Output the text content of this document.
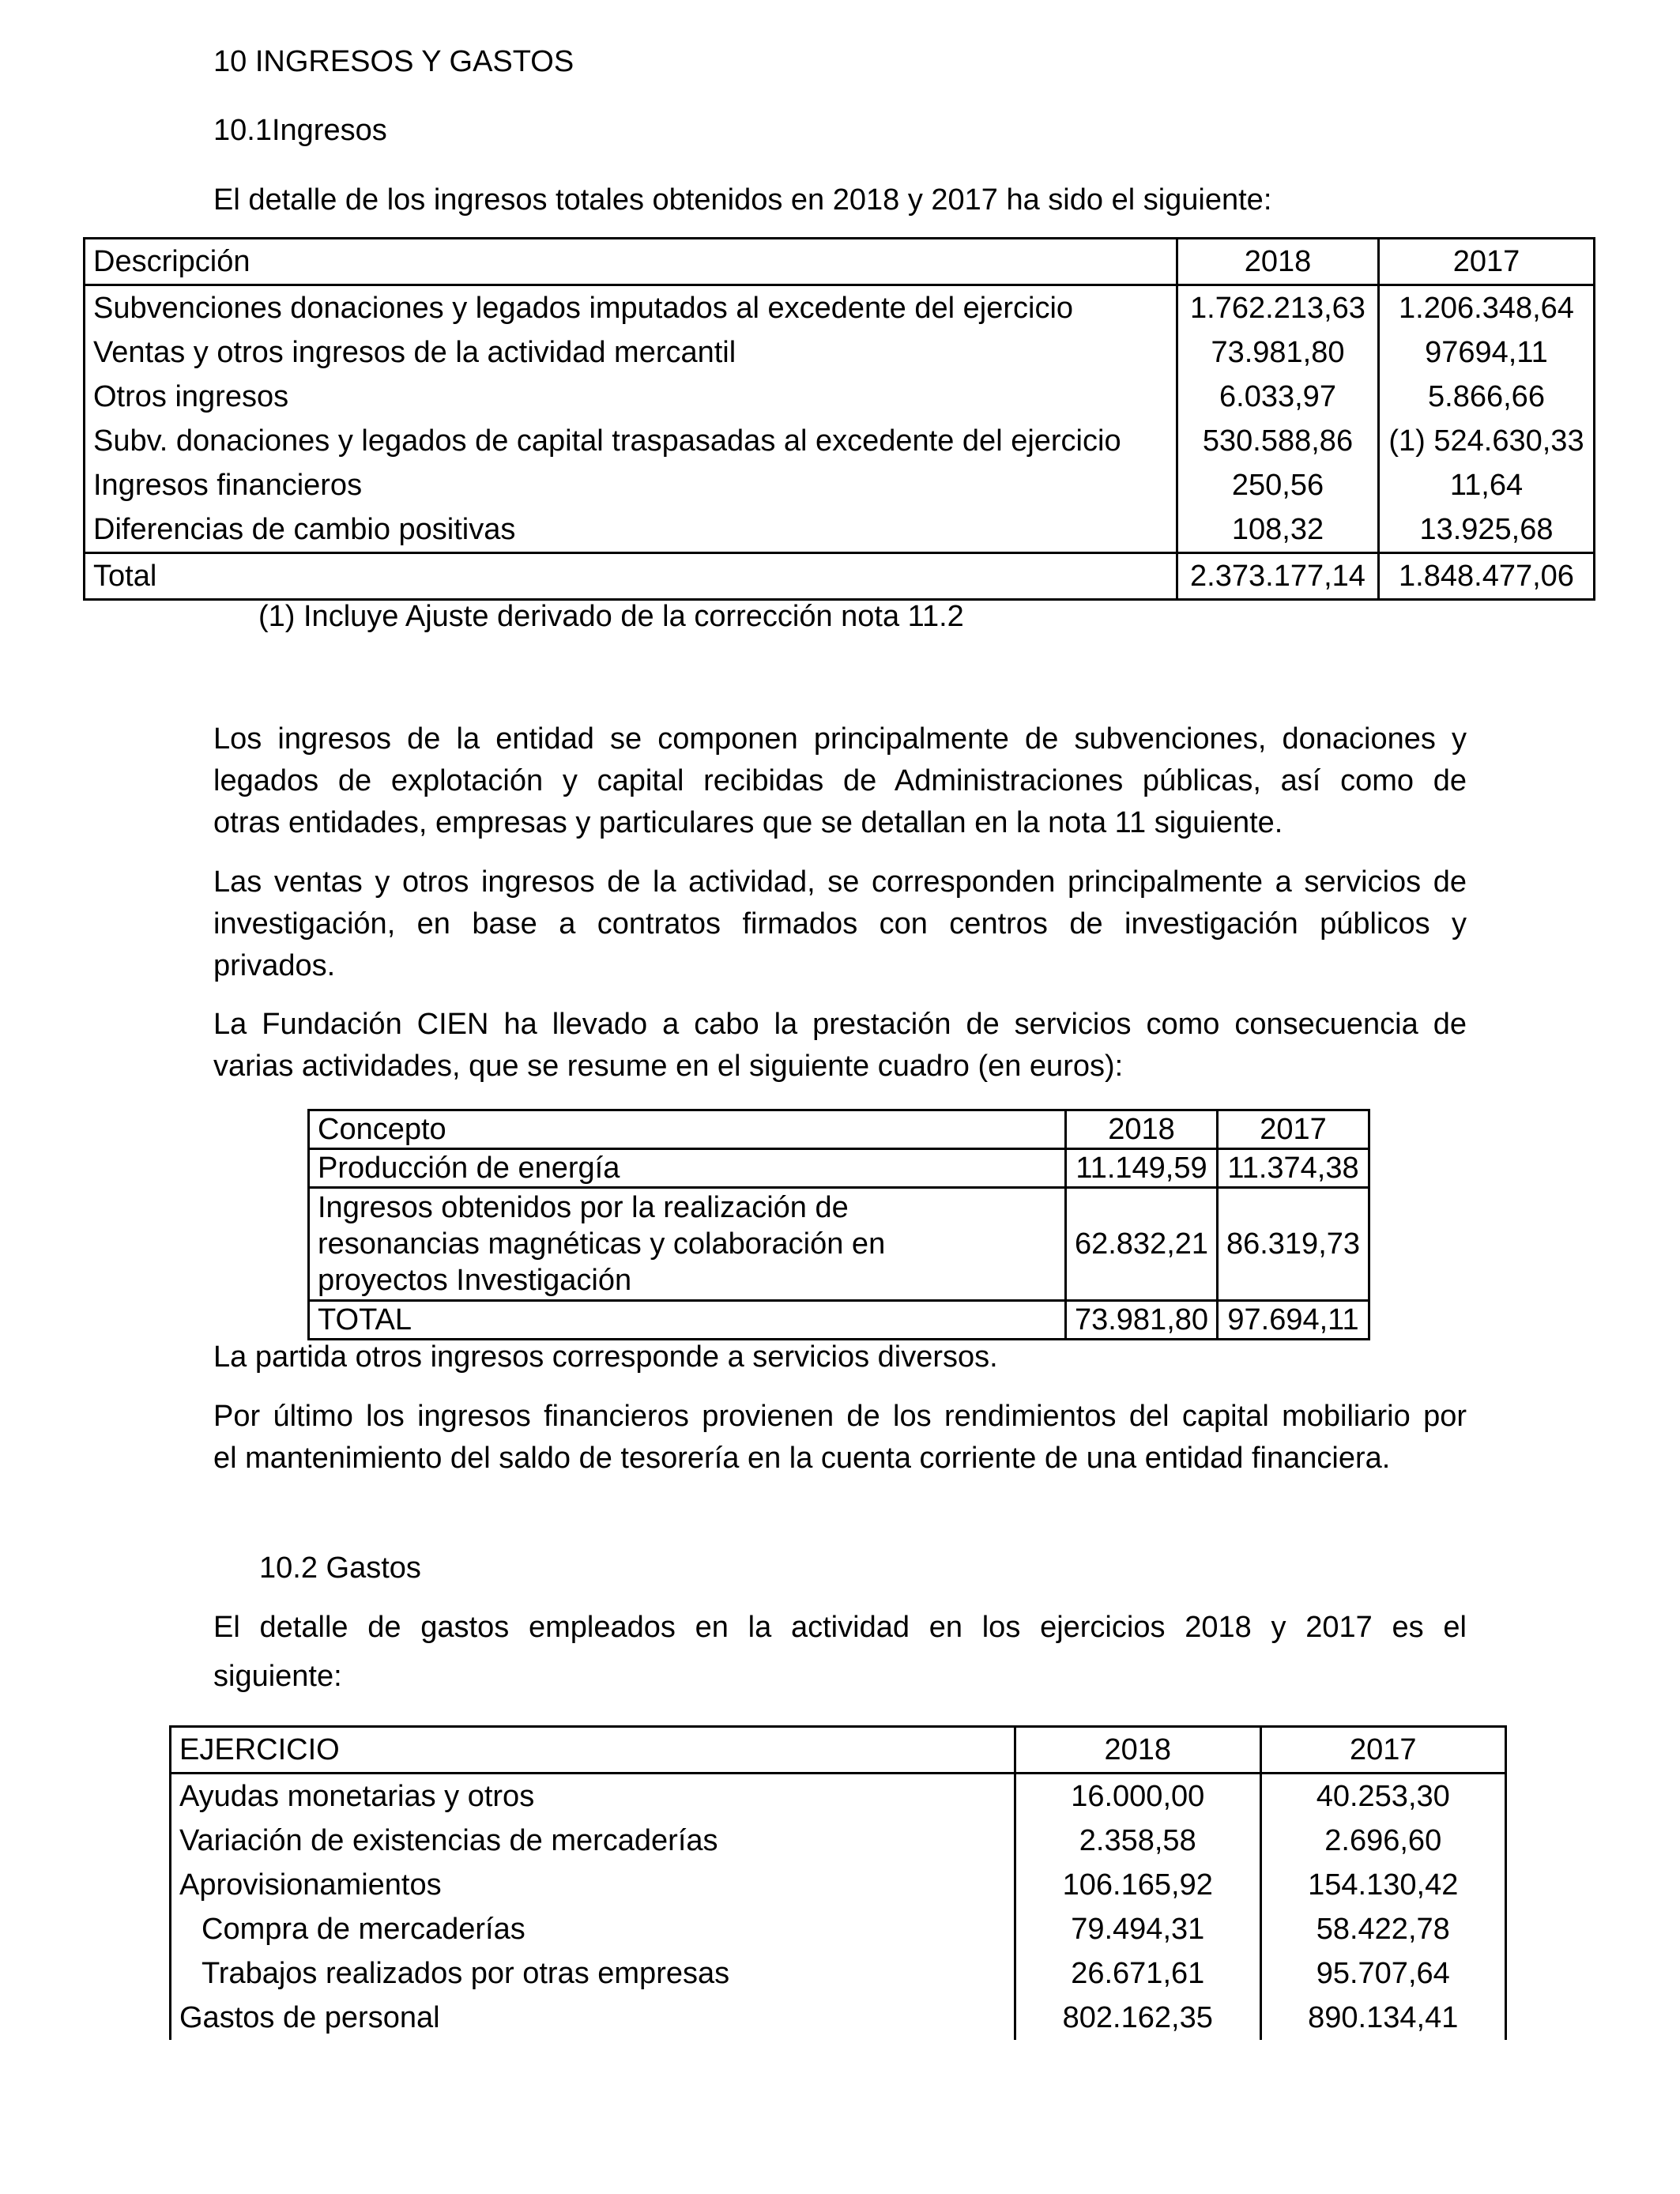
10 INGRESOS Y GASTOS

10.1Ingresos

El detalle de los ingresos totales obtenidos en 2018 y 2017 ha sido el siguiente:

Descripción	2018	2017
Subvenciones donaciones y legados imputados al excedente del ejercicio	1.762.213,63	1.206.348,64
Ventas y otros ingresos de la actividad mercantil	73.981,80	97694,11
Otros ingresos	6.033,97	5.866,66
Subv. donaciones y legados de capital traspasadas al excedente del ejercicio	530.588,86	(1) 524.630,33
Ingresos financieros	250,56	11,64
Diferencias de cambio positivas	108,32	13.925,68
Total	2.373.177,14	1.848.477,06

(1) Incluye Ajuste derivado de la corrección nota 11.2

Los ingresos de la entidad se componen principalmente de subvenciones, donaciones y
legados de explotación y capital recibidas de Administraciones públicas, así como de
otras entidades, empresas y particulares que se detallan en la nota 11 siguiente.
Las ventas y otros ingresos de la actividad, se corresponden principalmente a servicios de
investigación, en base a contratos firmados con centros de investigación públicos y
privados.
La Fundación CIEN ha llevado a cabo la prestación de servicios como consecuencia de
varias actividades, que se resume en el siguiente cuadro (en euros):
Concepto	2018	2017
Producción de energía	11.149,59	11.374,38
Ingresos obtenidos por la realización de resonancias magnéticas y colaboración en proyectos Investigación	62.832,21	86.319,73
TOTAL	73.981,80	97.694,11

La partida otros ingresos corresponde a servicios diversos.

Por último los ingresos financieros provienen de los rendimientos del capital mobiliario por
el mantenimiento del saldo de tesorería en la cuenta corriente de una entidad financiera.

10.2 Gastos

El detalle de gastos empleados en la actividad en los ejercicios 2018 y 2017 es el
siguiente:
EJERCICIO	2018	2017
Ayudas monetarias y otros	16.000,00	40.253,30
Variación de existencias de mercaderías	2.358,58	2.696,60
Aprovisionamientos	106.165,92	154.130,42
Compra de mercaderías	79.494,31	58.422,78
Trabajos realizados por otras empresas	26.671,61	95.707,64
Gastos de personal	802.162,35	890.134,41
